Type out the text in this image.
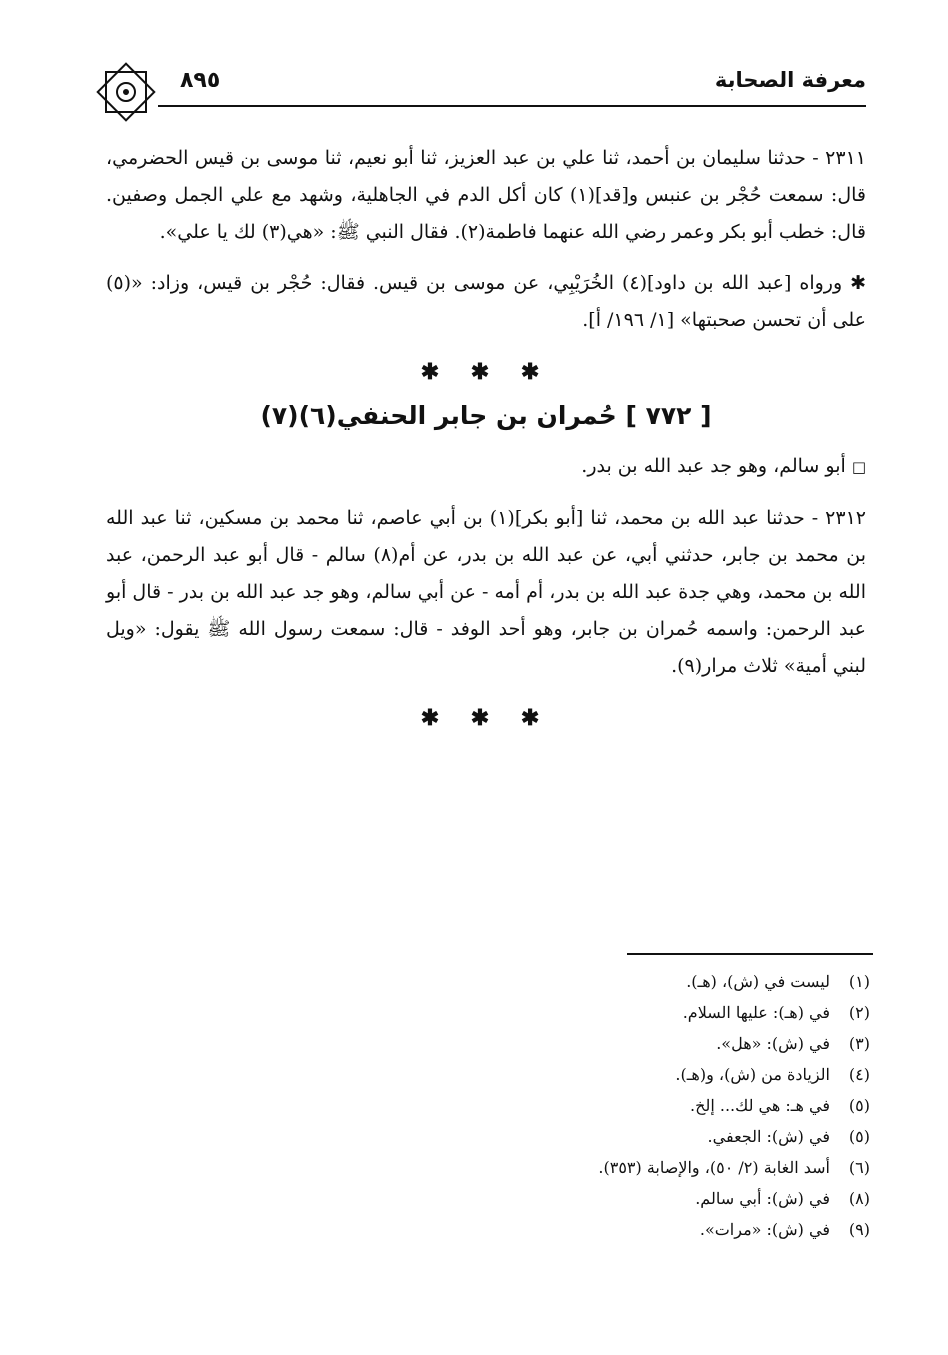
معرفة الصحابة
٨٩٥

٢٣١١ - حدثنا سليمان بن أحمد، ثنا علي بن عبد العزيز، ثنا أبو نعيم، ثنا موسى بن قيس الحضرمي، قال: سمعت حُجْر بن عنبس و[قد](١) كان أكل الدم في الجاهلية، وشهد مع علي الجمل وصفين. قال: خطب أبو بكر وعمر رضي الله عنهما فاطمة(٢). فقال النبي ﷺ: «هي(٣) لك يا علي».

✱ ورواه [عبد الله بن داود](٤) الخُرَيْبِي، عن موسى بن قيس. فقال: حُجْر بن قيس، وزاد: «(٥) على أن تحسن صحبتها» [١/ ١٩٦/ أ].

✱ ✱ ✱
[ ٧٧٢ ] حُمران بن جابر الحنفي(٦)(٧)

□ أبو سالم، وهو جد عبد الله بن بدر.

٢٣١٢ - حدثنا عبد الله بن محمد، ثنا [أبو بكر](١) بن أبي عاصم، ثنا محمد بن مسكين، ثنا عبد الله بن محمد بن جابر، حدثني أبي، عن عبد الله بن بدر، عن أم(٨) سالم - قال أبو عبد الرحمن، عبد الله بن محمد، وهي جدة عبد الله بن بدر، أم أمه - عن أبي سالم، وهو جد عبد الله بن بدر - قال أبو عبد الرحمن: واسمه حُمران بن جابر، وهو أحد الوفد - قال: سمعت رسول الله ﷺ يقول: «ويل لبني أمية» ثلاث مرار(٩).

✱ ✱ ✱
(١)ليست في (ش)، (هـ).
(٢)في (هـ): عليها السلام.
(٣)في (ش): «هل».
(٤)الزيادة من (ش)، و(هـ).
(٥)في هـ: هي لك... إلخ.
(٥)في (ش): الجعفي.
(٦)أسد الغابة (٢/ ٥٠)، والإصابة (٣٥٣).
(٨)في (ش): أبي سالم.
(٩)في (ش): «مرات».
